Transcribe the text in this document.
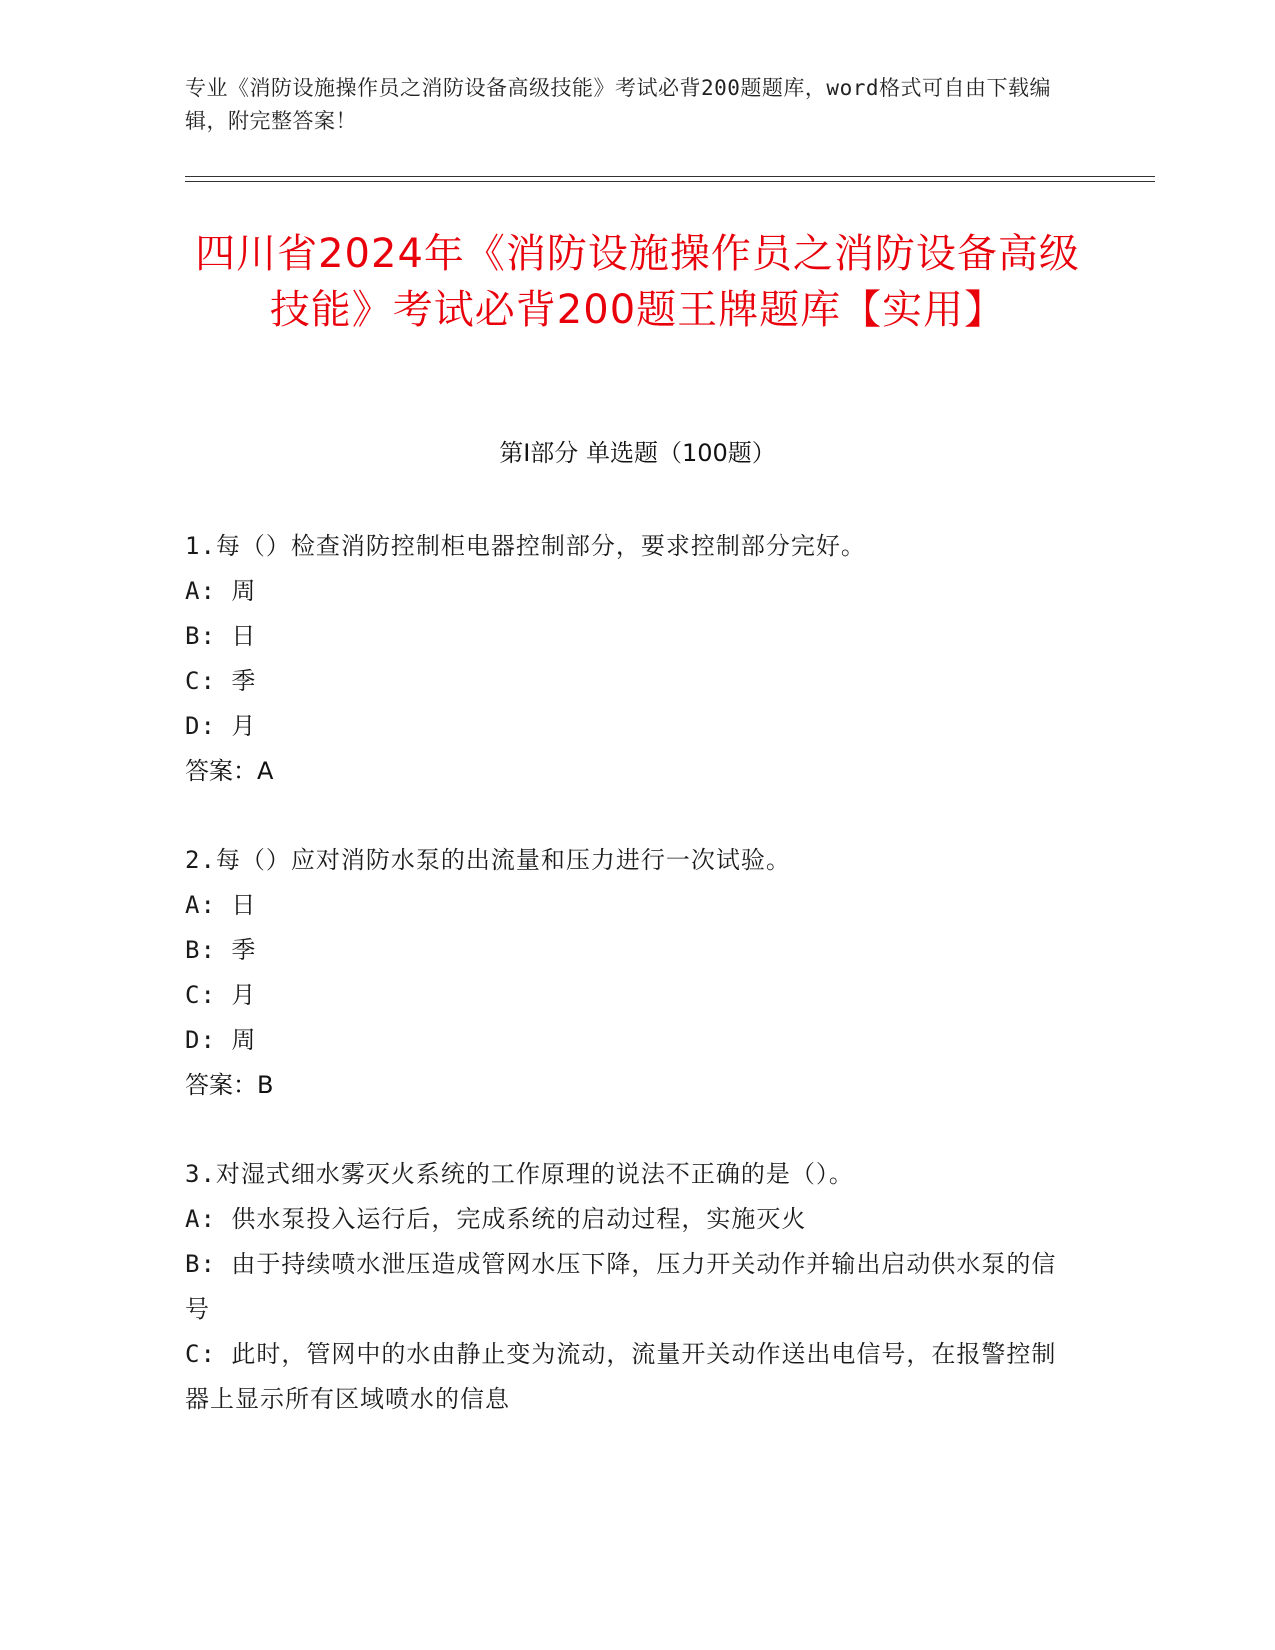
专业《消防设施操作员之消防设备高级技能》考试必背200题题库，word格式可自由下载编辑，附完整答案！
四川省2024年《消防设施操作员之消防设备高级技能》考试必背200题王牌题库【实用】
第I部分 单选题（100题）
1.每（）检查消防控制柜电器控制部分，要求控制部分完好。
A: 周
B: 日
C: 季
D: 月
答案：A
2.每（）应对消防水泵的出流量和压力进行一次试验。
A: 日
B: 季
C: 月
D: 周
答案：B
3.对湿式细水雾灭火系统的工作原理的说法不正确的是（）。
A: 供水泵投入运行后，完成系统的启动过程，实施灭火
B: 由于持续喷水泄压造成管网水压下降，压力开关动作并输出启动供水泵的信号
C: 此时，管网中的水由静止变为流动，流量开关动作送出电信号，在报警控制器上显示所有区域喷水的信息
